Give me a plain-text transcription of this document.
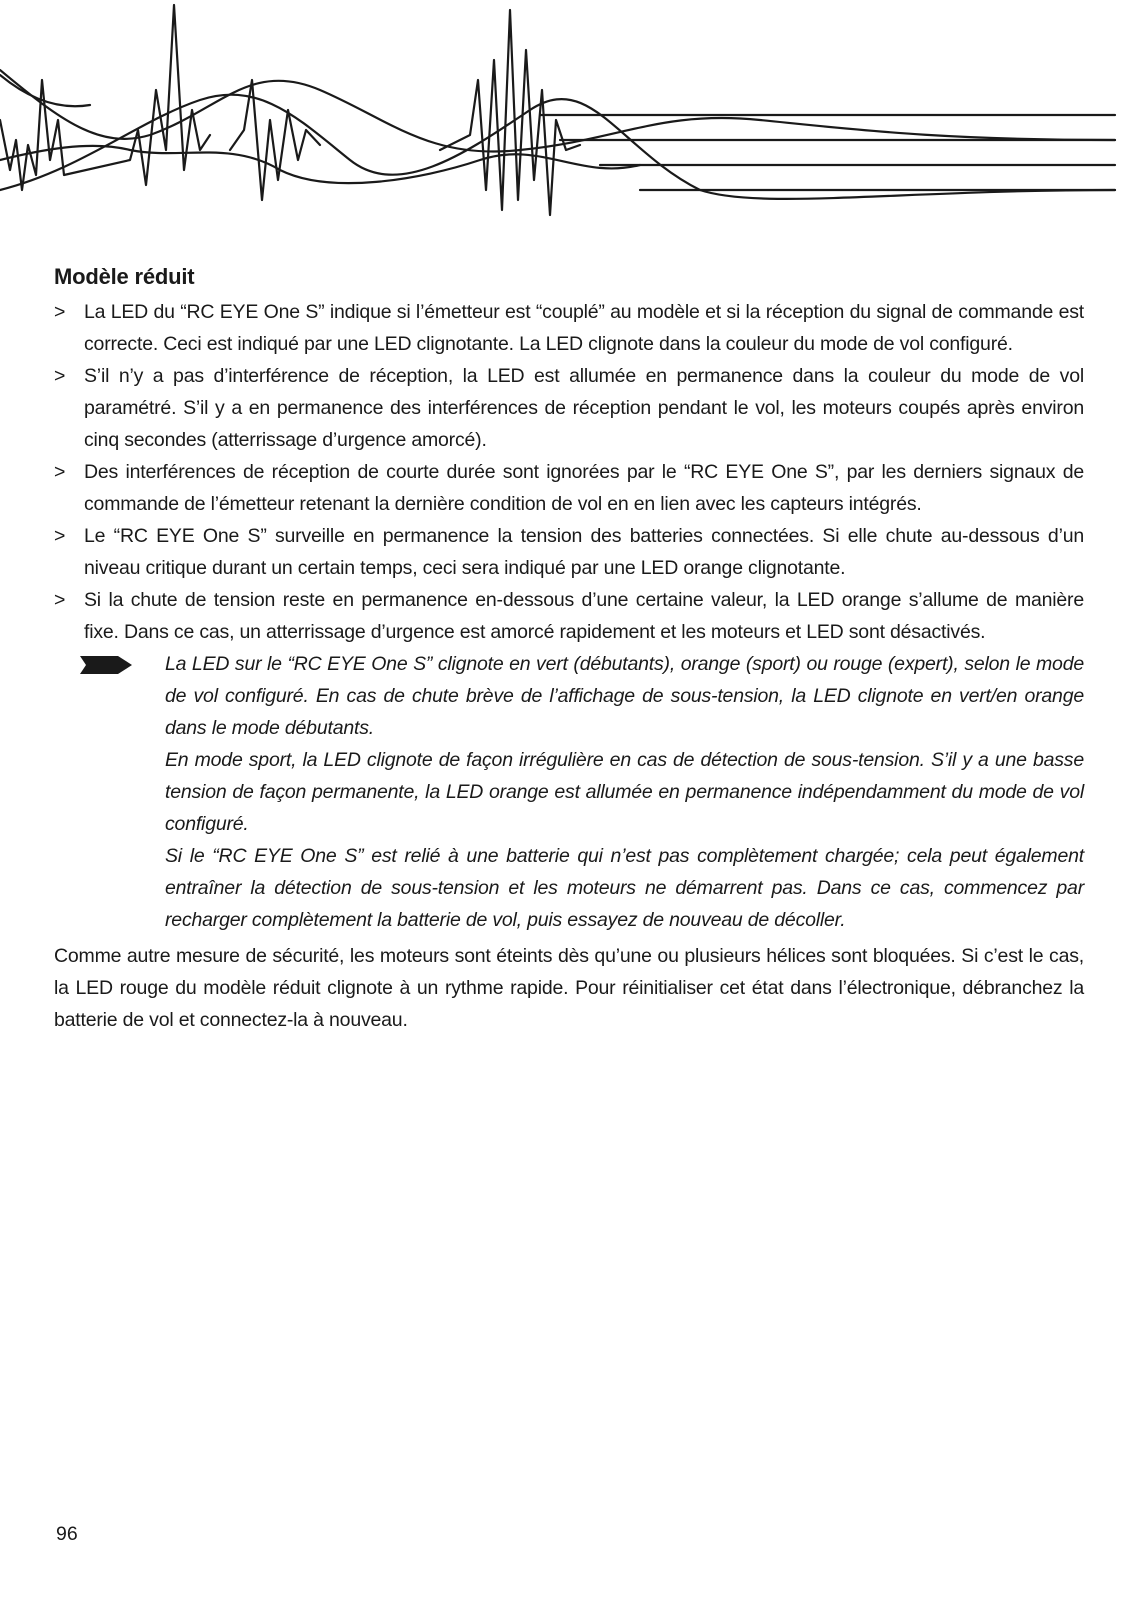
Modèle réduit
> La LED du “RC EYE One S” indique si l’émetteur est “couplé” au modèle et si la réception du signal de commande est correcte. Ceci est indiqué par une LED clignotante. La LED clignote dans la couleur du mode de vol configuré.
> S’il n’y a pas d’interférence de réception, la LED est allumée en permanence dans la couleur du mode de vol paramétré. S’il y a en permanence des interférences de réception pendant le vol, les moteurs coupés après environ cinq secondes (atterrissage d’urgence amorcé).
> Des interférences de réception de courte durée sont ignorées par le “RC EYE One S”, par les derniers signaux de commande de l’émetteur retenant la dernière condition de vol en en lien avec les capteurs intégrés.
> Le “RC EYE One S” surveille en permanence la tension des batteries connectées. Si elle chute au-dessous d’un niveau critique durant un certain temps, ceci sera indiqué par une LED orange clignotante.
> Si la chute de tension reste en permanence en-dessous d’une certaine valeur, la LED orange s’allume de manière fixe. Dans ce cas, un atterrissage d’urgence est amorcé rapidement et les moteurs et LED sont désactivés.

La LED sur le “RC EYE One S” clignote en vert (débutants), orange (sport) ou rouge (expert), selon le mode de vol configuré. En cas de chute brève de l’affichage de sous-tension, la LED clignote en vert/en orange dans le mode débutants.

En mode sport, la LED clignote de façon irrégulière en cas de détection de sous-tension. S’il y a une basse tension de façon permanente, la LED orange est allumée en permanence indépendamment du mode de vol configuré.

Si le “RC EYE One S” est relié à une batterie qui n’est pas complètement chargée; cela peut également entraîner la détection de sous-tension et les moteurs ne démarrent pas. Dans ce cas, commencez par recharger complètement la batterie de vol, puis essayez de nouveau de décoller.

Comme autre mesure de sécurité, les moteurs sont éteints dès qu’une ou plusieurs hélices sont bloquées. Si c’est le cas, la LED rouge du modèle réduit clignote à un rythme rapide. Pour réinitialiser cet état dans l’électronique, débranchez la batterie de vol et connectez-la à nouveau.

96
